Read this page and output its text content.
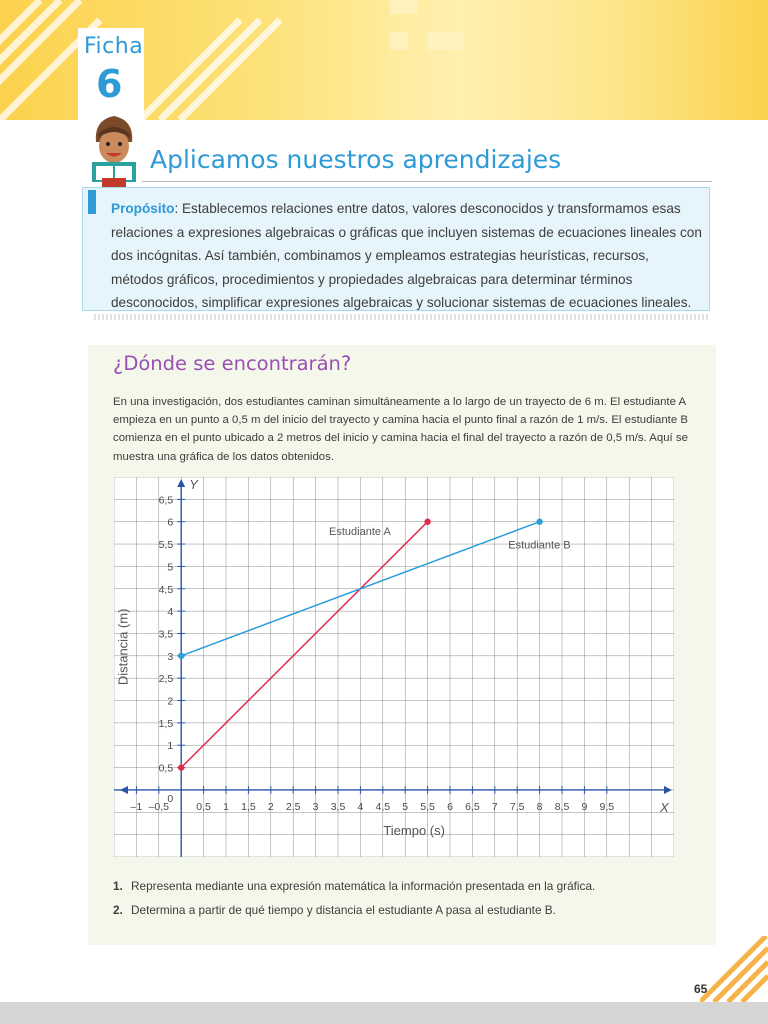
Ficha
6
Aplicamos nuestros aprendizajes
Propósito: Establecemos relaciones entre datos, valores desconocidos y transformamos esas relaciones a expresiones algebraicas o gráficas que incluyen sistemas de ecuaciones lineales con dos incógnitas. Así también, combinamos y empleamos estrategias heurísticas, recursos, métodos gráficos, procedimientos y propiedades algebraicas para determinar términos desconocidos, simplificar expresiones algebraicas y solucionar sistemas de ecuaciones lineales.
¿Dónde se encontrarán?
En una investigación, dos estudiantes caminan simultáneamente a lo largo de un trayecto de 6 m. El estudiante A empieza en un punto a 0,5 m del inicio del trayecto y camina hacia el punto final a razón de 1 m/s. El estudiante B comienza en el punto ubicado a 2 metros del inicio y camina hacia el final del trayecto a razón de 0,5 m/s. Aquí se muestra una gráfica de los datos obtenidos.
–1 –0,5	0,5 1 1,5 2 2,5 3 3,5 4 4,5 5 5,5 6 6,5 7 7,5 8 8,5 9 9,5
0,5
1
1,5
2
2,5
3
3,5
4
4,5
5
5,5
6
6,5
0
Estudiante A
Estudiante B
Tiempo (s)
Distancia (m)
X
Y
1. Representa mediante una expresión matemática la información presentada en la gráfica.
2. Determina a partir de qué tiempo y distancia el estudiante A pasa al estudiante B.
65
